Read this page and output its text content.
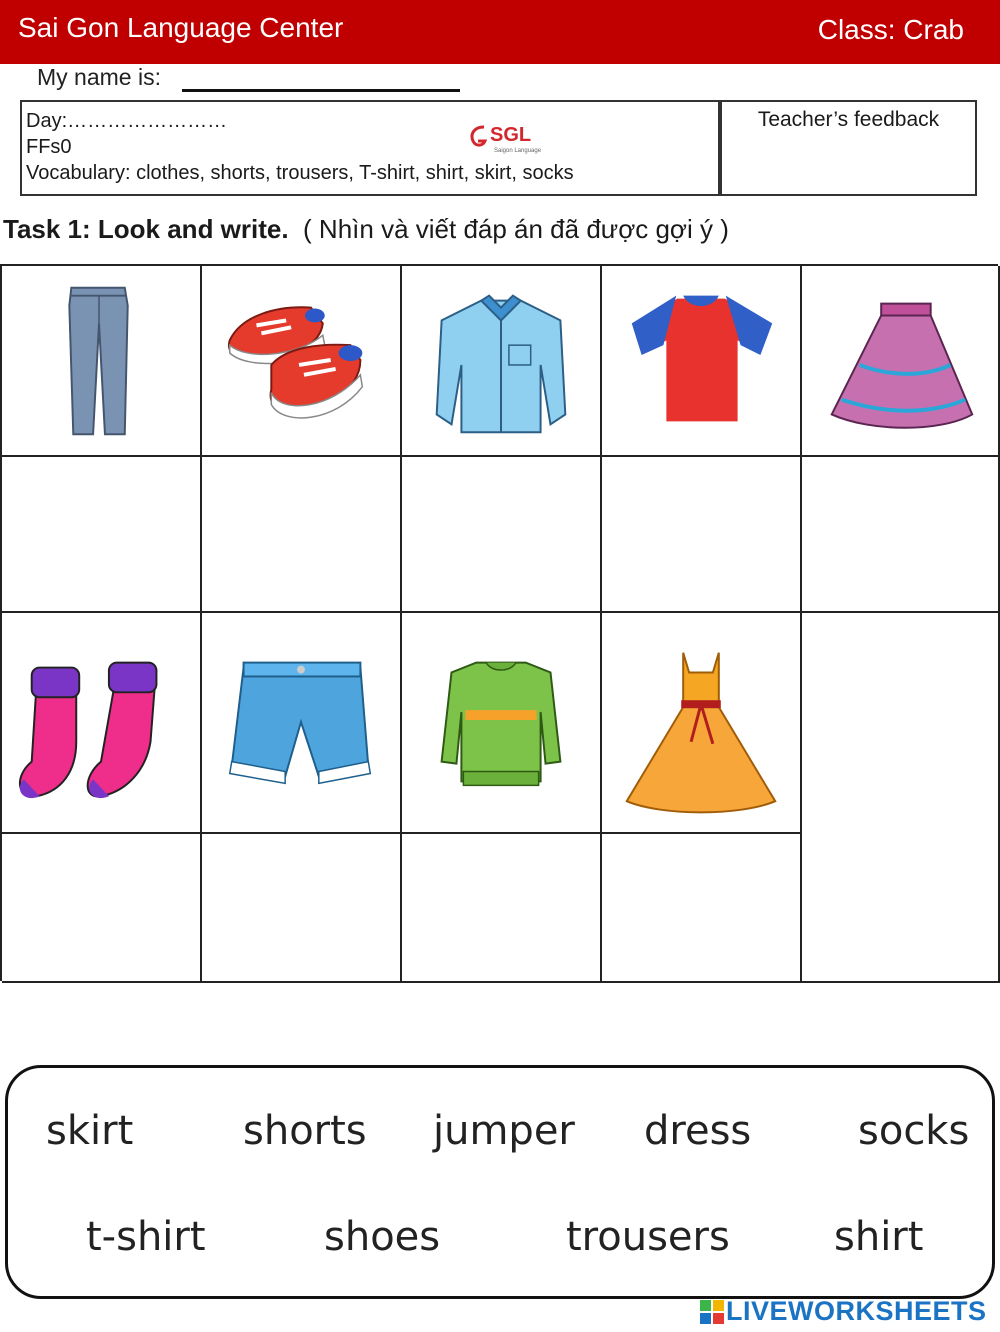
Sai Gon Language Center	Class: Crab
My name is:
Day:……………………
FFs0
Vocabulary: clothes, shorts, trousers, T-shirt, shirt, skirt, socks
SGL
Saigon Language
Teacher’s feedback
Task 1: Look and write. ( Nhìn và viết đáp án đã được gợi ý )
skirt	shorts jumper dress	socks
t-shirt	shoes	trousers	shirt
LIVEWORKSHEETS
